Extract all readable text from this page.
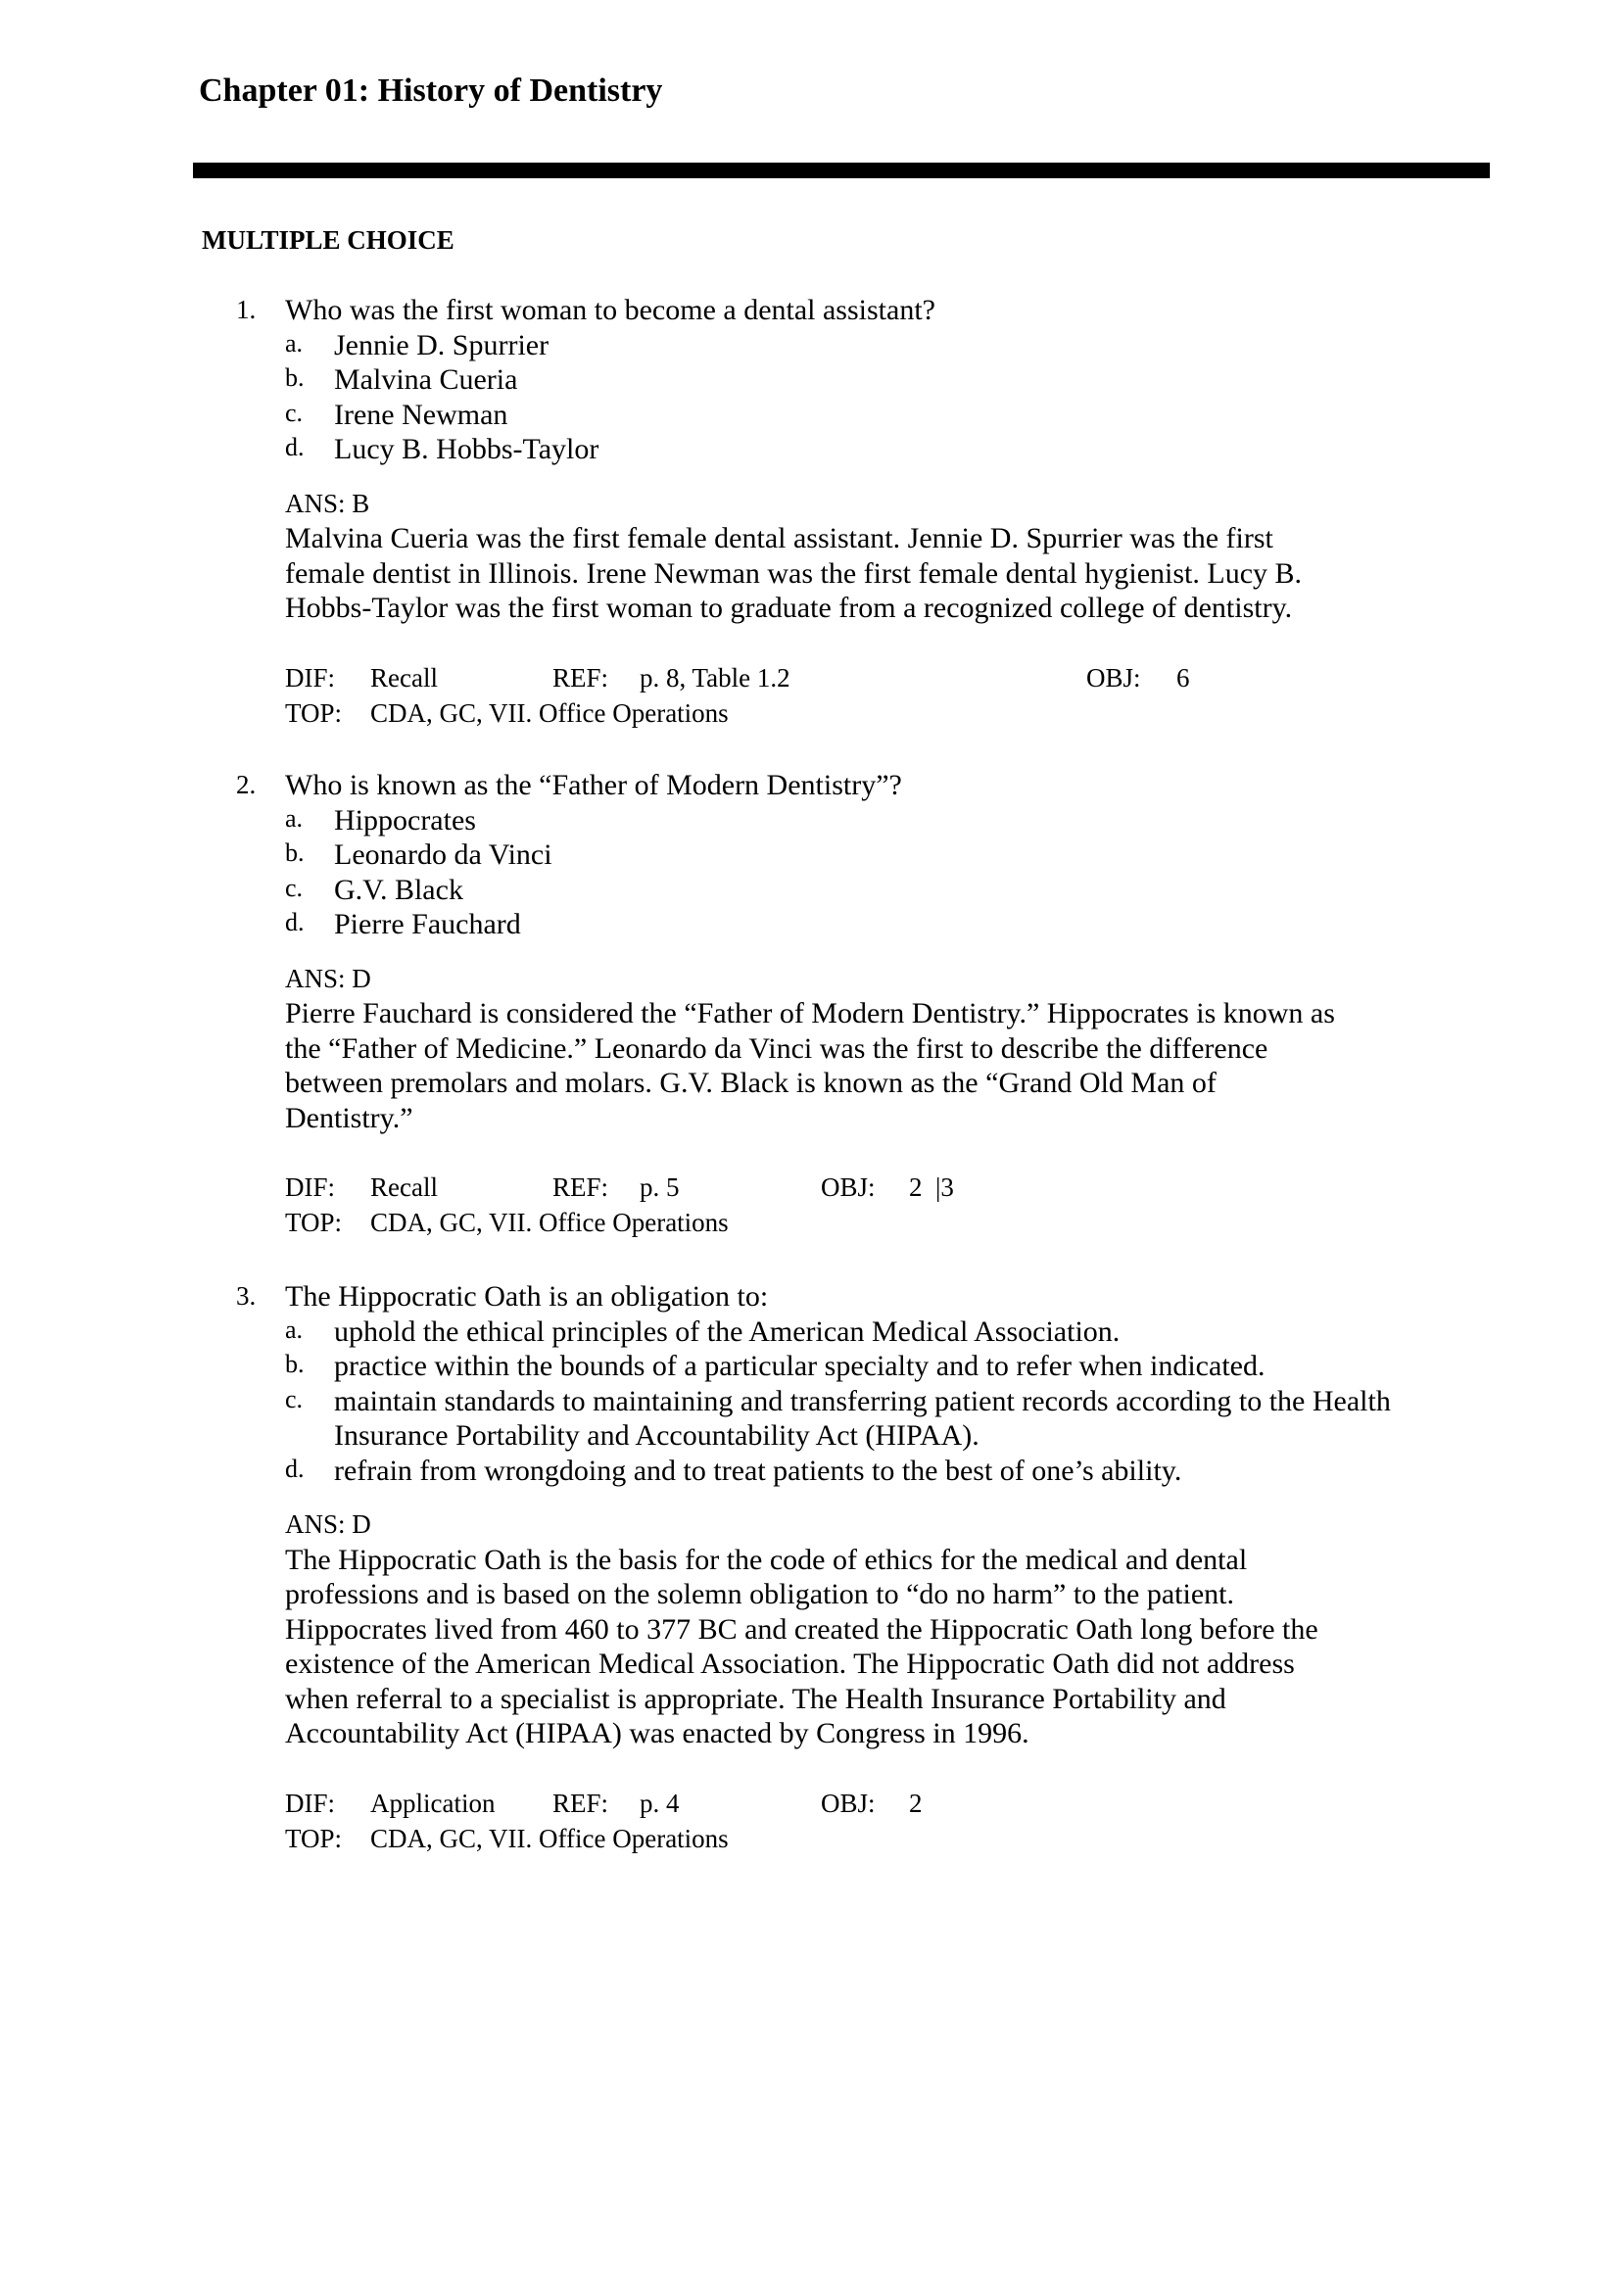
Chapter 01: History of Dentistry
MULTIPLE CHOICE
1. Who was the first woman to become a dental assistant?
a. Jennie D. Spurrier
b. Malvina Cueria
c. Irene Newman
d. Lucy B. Hobbs-Taylor
ANS: B
Malvina Cueria was the first female dental assistant. Jennie D. Spurrier was the first
female dentist in Illinois. Irene Newman was the first female dental hygienist. Lucy B.
Hobbs-Taylor was the first woman to graduate from a recognized college of dentistry.
DIF: Recall	REF: p. 8, Table 1.2	OBJ: 6
TOP: CDA, GC, VII. Office Operations
2. Who is known as the “Father of Modern Dentistry”?
a. Hippocrates
b. Leonardo da Vinci
c. G.V. Black
d. Pierre Fauchard
ANS: D
Pierre Fauchard is considered the “Father of Modern Dentistry.” Hippocrates is known as
the “Father of Medicine.” Leonardo da Vinci was the first to describe the difference
between premolars and molars. G.V. Black is known as the “Grand Old Man of
Dentistry.”
DIF: Recall	REF: p. 5	OBJ: 2  |3
TOP: CDA, GC, VII. Office Operations
3. The Hippocratic Oath is an obligation to:
a. uphold the ethical principles of the American Medical Association.
b. practice within the bounds of a particular specialty and to refer when indicated.
c. maintain standards to maintaining and transferring patient records according to the Health Insurance Portability and Accountability Act (HIPAA).
d. refrain from wrongdoing and to treat patients to the best of one’s ability.
ANS: D
The Hippocratic Oath is the basis for the code of ethics for the medical and dental
professions and is based on the solemn obligation to “do no harm” to the patient.
Hippocrates lived from 460 to 377 BC and created the Hippocratic Oath long before the
existence of the American Medical Association. The Hippocratic Oath did not address
when referral to a specialist is appropriate. The Health Insurance Portability and
Accountability Act (HIPAA) was enacted by Congress in 1996.
DIF: Application REF: p. 4	OBJ: 2
TOP: CDA, GC, VII. Office Operations
